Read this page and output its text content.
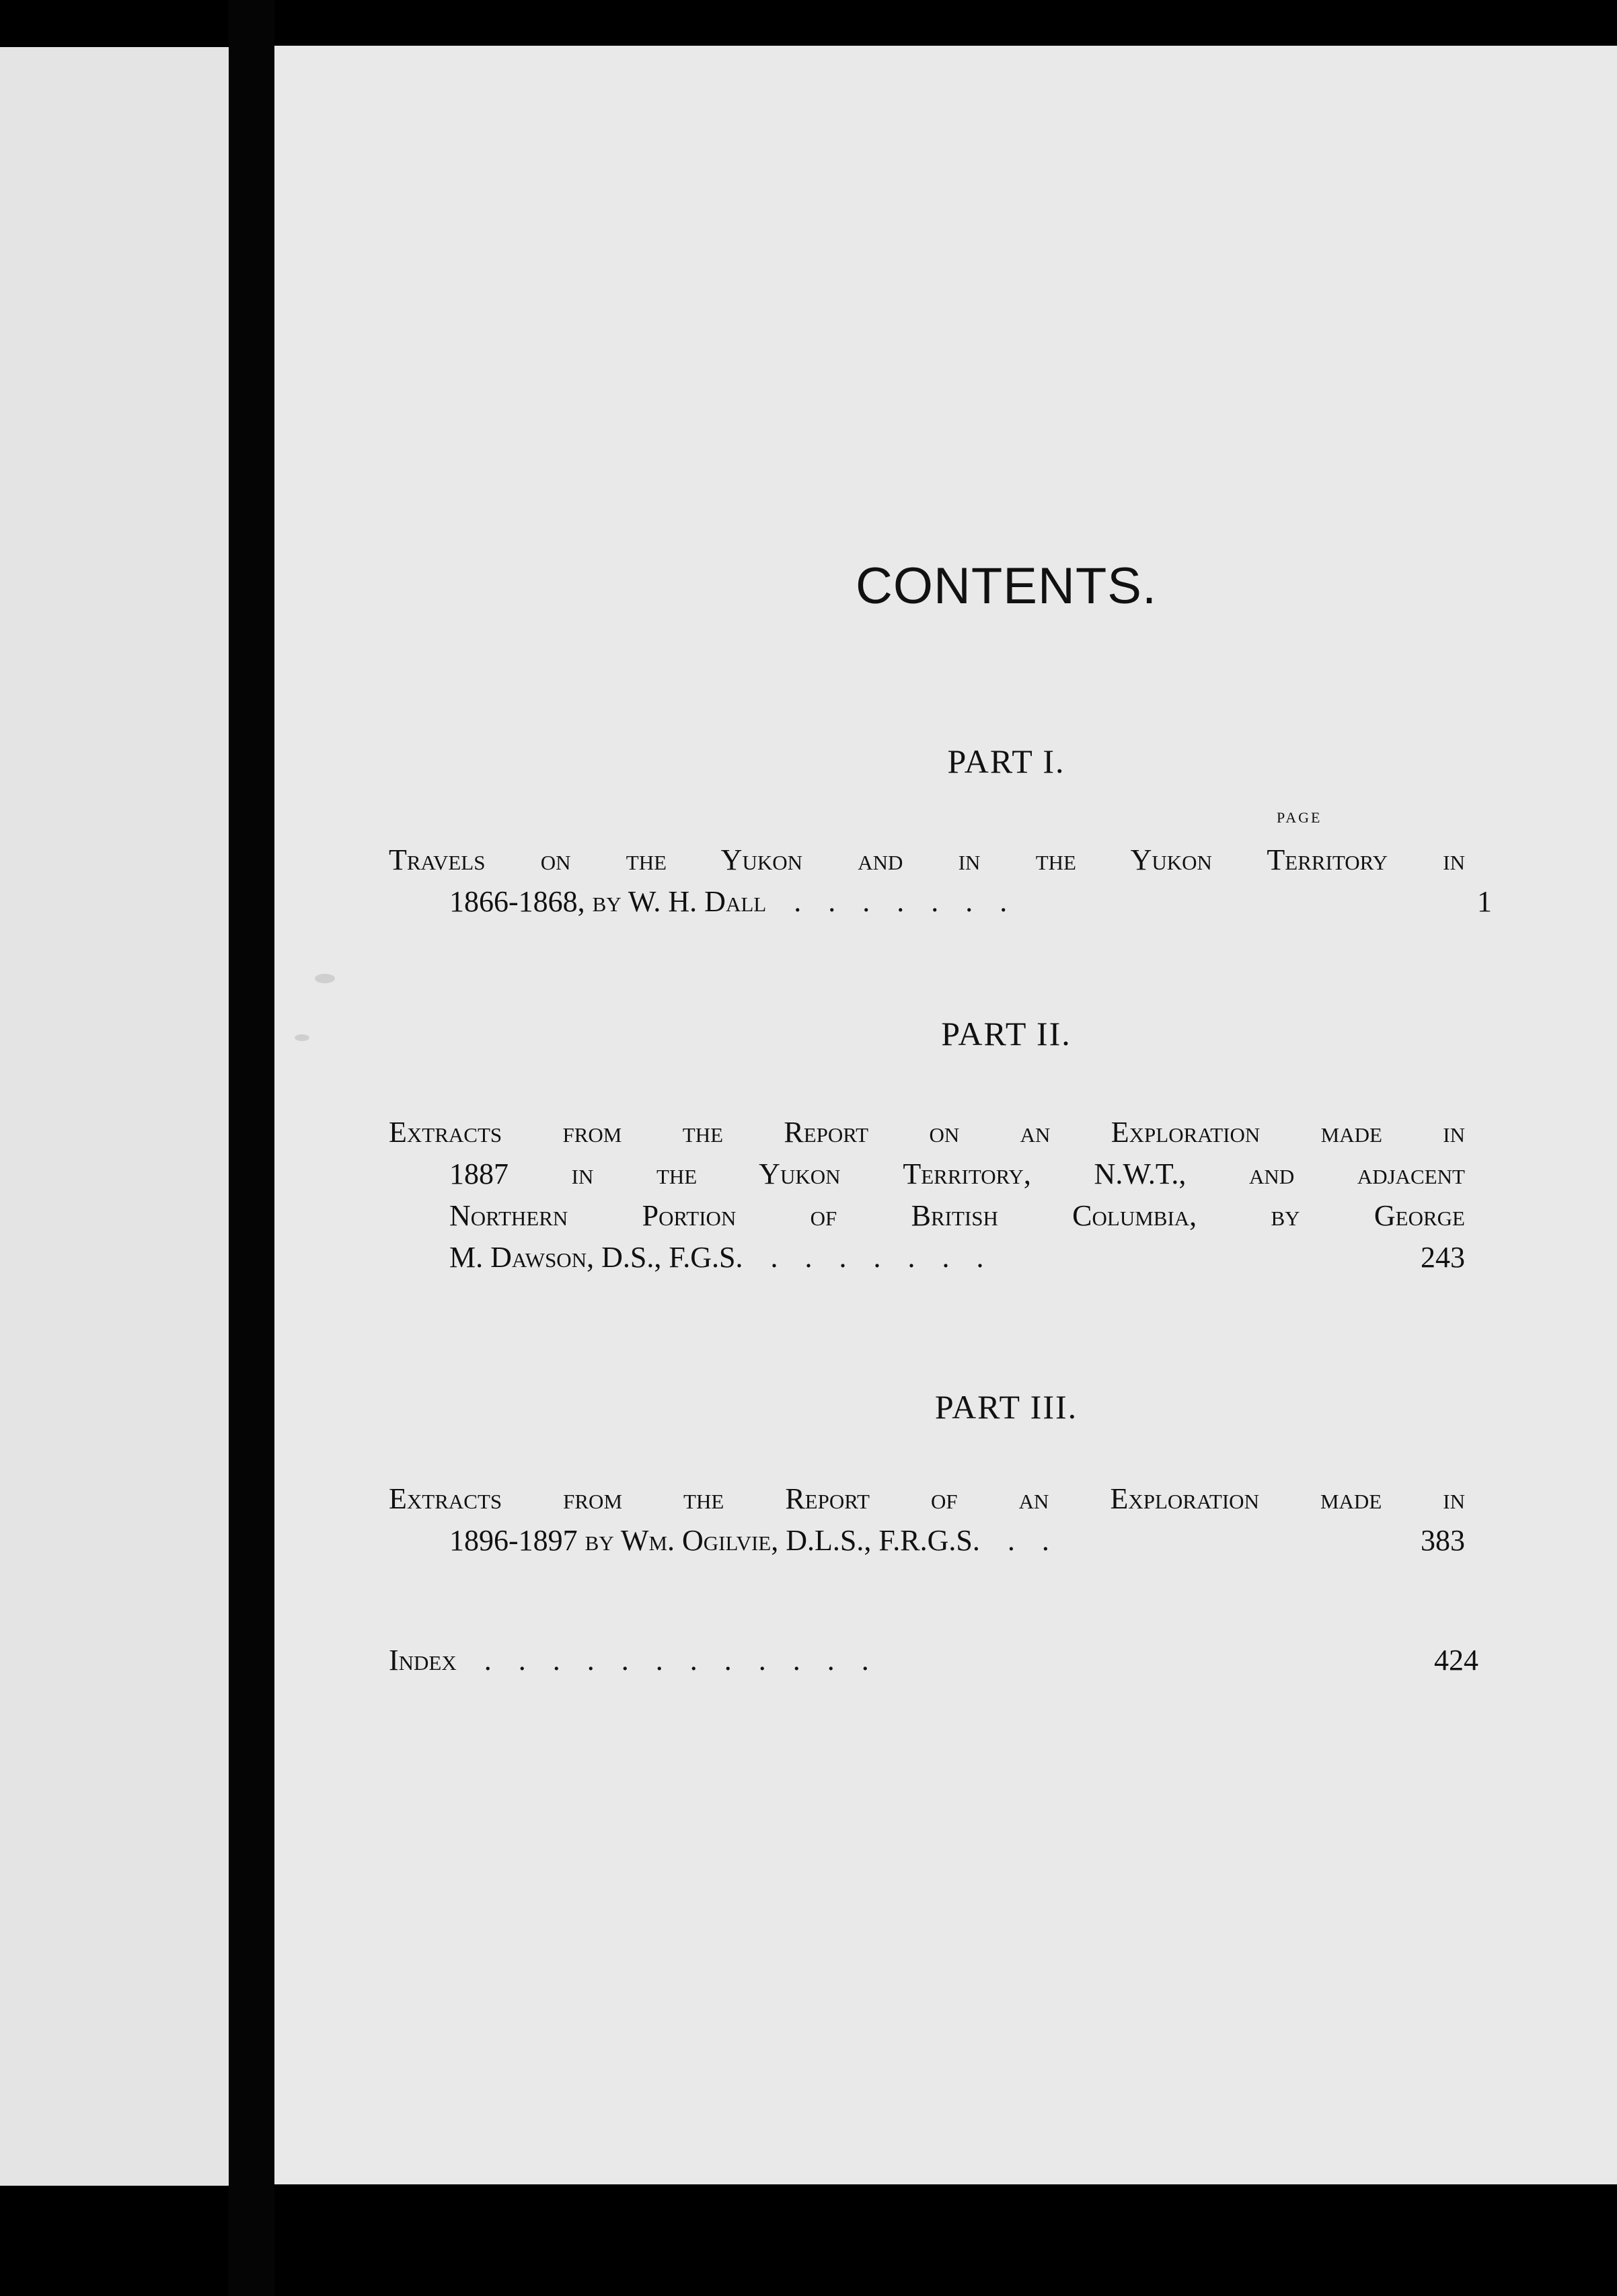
CONTENTS.
PART I.
PAGE
Travels on the Yukon and in the Yukon Territory in
1866-1868, by W. H. Dall .......	1
PART II.
Extracts from the Report on an Exploration made in
1887 in the Yukon Territory, N.W.T., and adjacent
Northern Portion of British Columbia, by George
M. Dawson, D.S., F.G.S. .......	243
PART III.
Extracts from the Report of an Exploration made in
1896-1897 by Wm. Ogilvie, D.L.S., F.R.G.S. ..	383
Index ............	424
